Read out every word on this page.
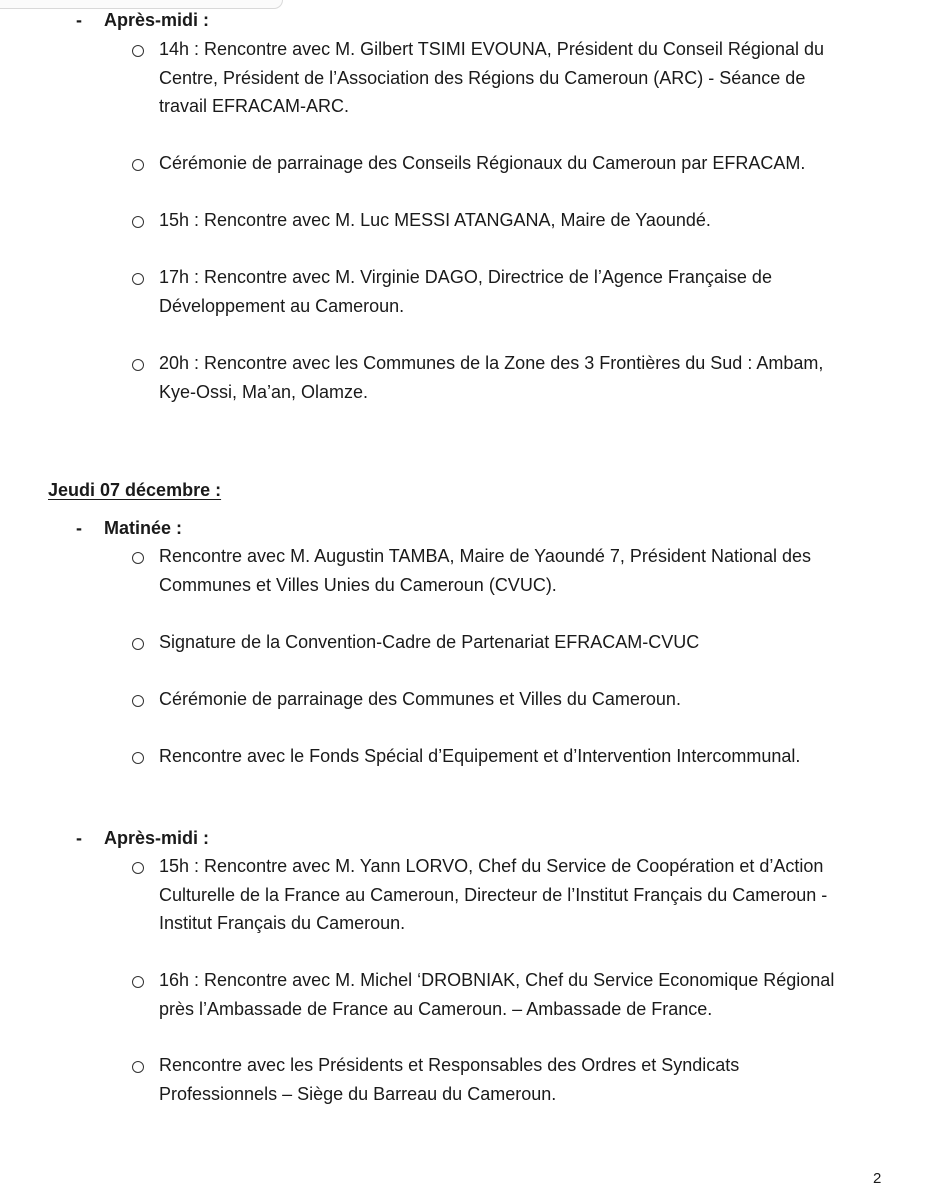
- Après-midi :
14h : Rencontre avec M. Gilbert TSIMI EVOUNA, Président du Conseil Régional du
Centre, Président de l’Association des Régions du Cameroun (ARC) - Séance de
travail EFRACAM-ARC.
Cérémonie de parrainage des Conseils Régionaux du Cameroun par EFRACAM.
15h : Rencontre avec M. Luc MESSI ATANGANA, Maire de Yaoundé.
17h : Rencontre avec M. Virginie DAGO, Directrice de l’Agence Française de
Développement au Cameroun.
20h : Rencontre avec les Communes de la Zone des 3 Frontières du Sud : Ambam,
Kye-Ossi, Ma’an, Olamze.
Jeudi 07 décembre :
- Matinée :
Rencontre avec M. Augustin TAMBA, Maire de Yaoundé 7, Président National des
Communes et Villes Unies du Cameroun (CVUC).
Signature de la Convention-Cadre de Partenariat EFRACAM-CVUC
Cérémonie de parrainage des Communes et Villes du Cameroun.
Rencontre avec le Fonds Spécial d’Equipement et d’Intervention Intercommunal.
- Après-midi :
15h : Rencontre avec M. Yann LORVO, Chef du Service de Coopération et d’Action
Culturelle de la France au Cameroun, Directeur de l’Institut Français du Cameroun -
Institut Français du Cameroun.
16h : Rencontre avec M. Michel ‘DROBNIAK, Chef du Service Economique Régional
près l’Ambassade de France au Cameroun. – Ambassade de France.
Rencontre avec les Présidents et Responsables des Ordres et Syndicats
Professionnels – Siège du Barreau du Cameroun.
2
